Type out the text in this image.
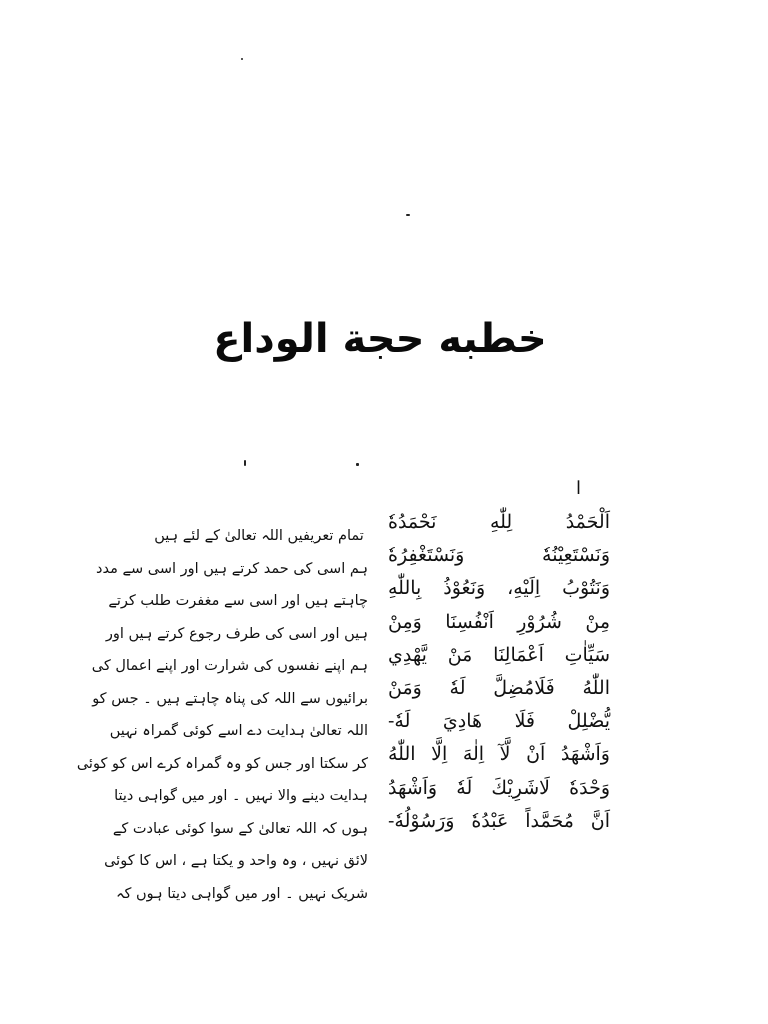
خطبه حجة الوداع
ا
اَلْحَمْدُ لِلّٰهِ نَحْمَدُهٗ
وَنَسْتَعِيْنُهٗ وَنَسْتَغْفِرُهٗ
وَنَتُوْبُ اِلَيْهِ، وَنَعُوْذُ بِاللّٰهِ
مِنْ شُرُوْرِ اَنْفُسِنَا وَمِنْ
سَيِّاٰتِ اَعْمَالِنَا مَنْ يَّهْدِي
اللّٰهُ فَلَامُضِلَّ لَهٗ وَمَنْ
يُّضْلِلْ فَلَا هَادِيَ لَهٗ-
وَاَشْهَدُ اَنْ لَّآ اِلٰهَ اِلَّا اللّٰهُ
وَحْدَهٗ لَاشَرِيْكَ لَهٗ وَاَشْهَدُ
اَنَّ مُحَمَّداً عَبْدُهٗ وَرَسُوْلُهٗ-
تمام تعریفیں اللہ تعالیٰ کے لئے ہیں
ہم اسی کی حمد کرتے ہیں اور اسی سے مدد
چاہتے ہیں اور اسی سے مغفرت طلب کرتے
ہیں اور اسی کی طرف رجوع کرتے ہیں اور
ہم اپنے نفسوں کی شرارت اور اپنے اعمال کی
برائیوں سے اللہ کی پناہ چاہتے ہیں ۔ جس کو
اللہ تعالیٰ ہدایت دے اسے کوئی گمراہ نہیں
کر سکتا اور جس کو وہ گمراہ کرے اس کو کوئی
ہدایت دینے والا نہیں ۔ اور میں گواہی دیتا
ہوں کہ اللہ تعالیٰ کے سوا کوئی عبادت کے
لائق نہیں ، وہ واحد و یکتا ہے ، اس کا کوئی
شریک نہیں ۔ اور میں گواہی دیتا ہوں کہ
